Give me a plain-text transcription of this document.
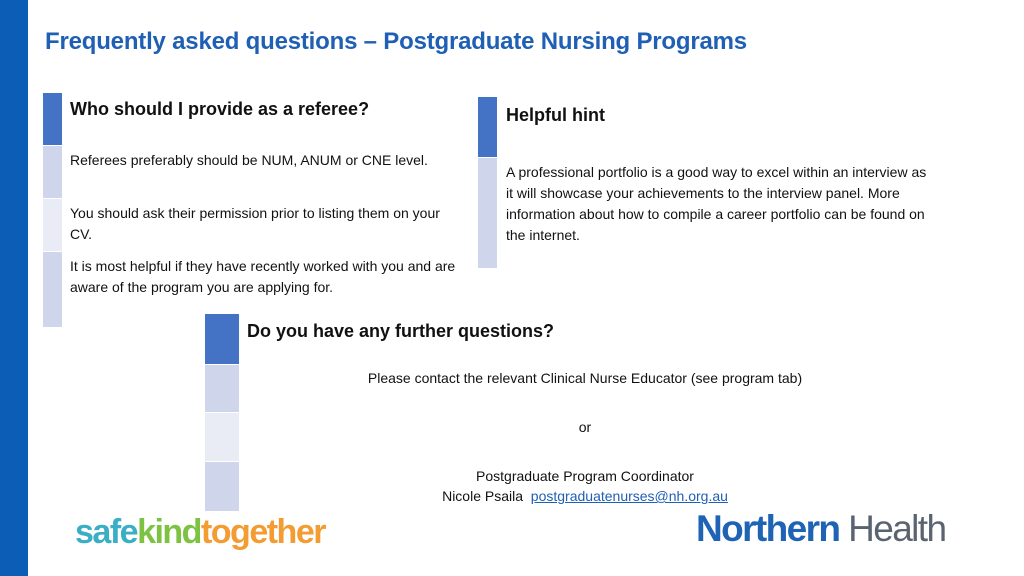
Frequently asked questions – Postgraduate Nursing Programs
Who should I provide as a referee?

Referees preferably should be NUM, ANUM or CNE level.

You should ask their permission prior to listing them on your CV.

It is most helpful if they have recently worked with you and are aware of the program you are applying for.

Helpful hint

A professional portfolio is a good way to excel within an interview as it will showcase your achievements to the interview panel. More information about how to compile a career portfolio can be found on the internet.

Do you have any further questions?

Please contact the relevant Clinical Nurse Educator (see program tab)

or

Postgraduate Program Coordinator

Nicole Psaila postgraduatenurses@nh.org.au

safekindtogether	Northern Health
